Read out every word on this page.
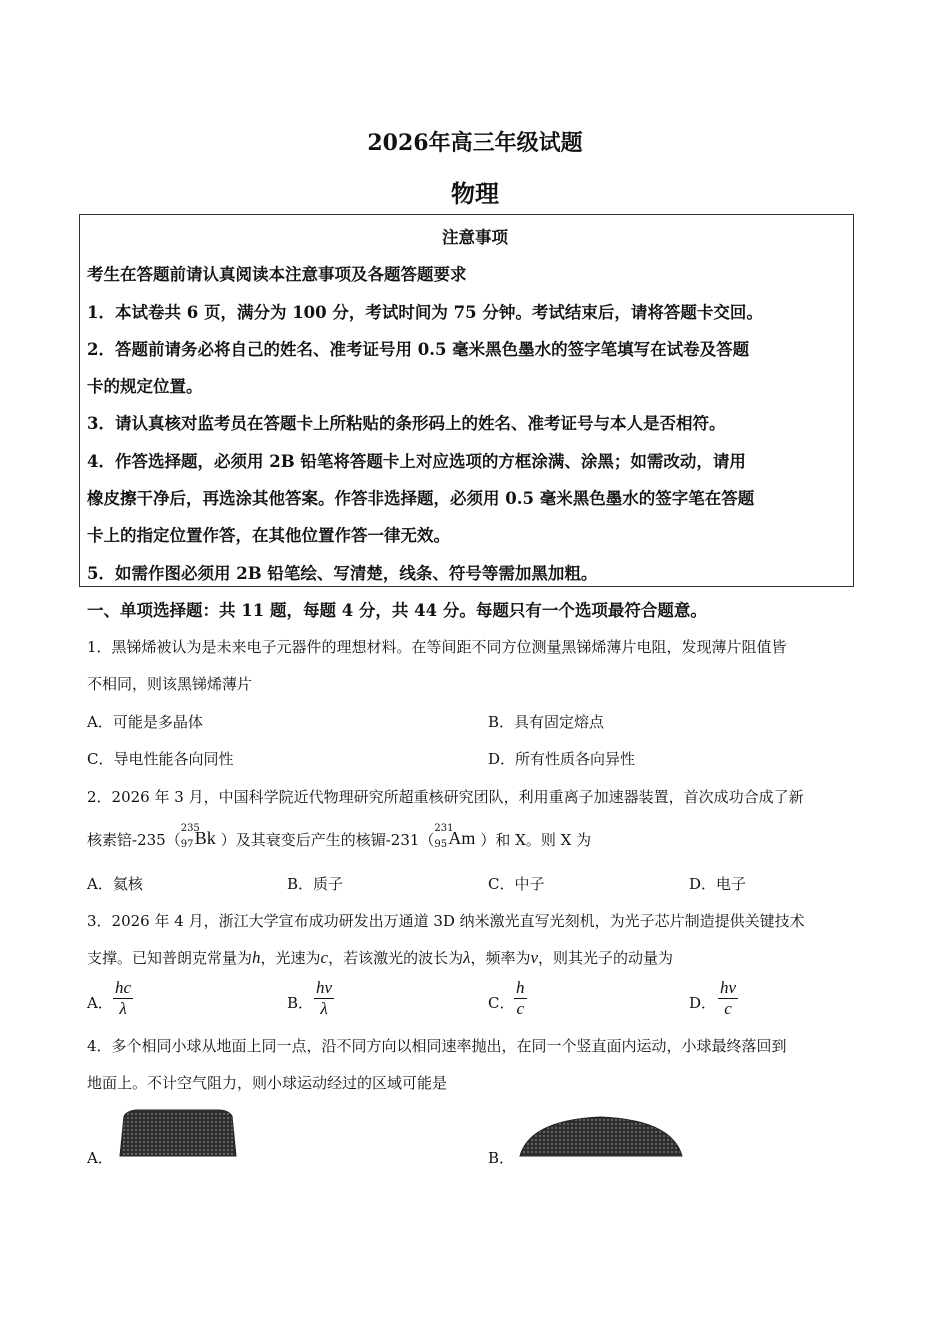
2026年高三年级试题
物理
注意事项
考生在答题前请认真阅读本注意事项及各题答题要求
1．本试卷共 6 页，满分为 100 分，考试时间为 75 分钟。考试结束后，请将答题卡交回。
2．答题前请务必将自己的姓名、准考证号用 0.5 毫米黑色墨水的签字笔填写在试卷及答题
卡的规定位置。
3．请认真核对监考员在答题卡上所粘贴的条形码上的姓名、准考证号与本人是否相符。
4．作答选择题，必须用 2B 铅笔将答题卡上对应选项的方框涂满、涂黑；如需改动，请用
橡皮擦干净后，再选涂其他答案。作答非选择题，必须用 0.5 毫米黑色墨水的签字笔在答题
卡上的指定位置作答，在其他位置作答一律无效。
5．如需作图必须用 2B 铅笔绘、写清楚，线条、符号等需加黑加粗。
一、单项选择题：共 11 题，每题 4 分，共 44 分。每题只有一个选项最符合题意。
1．黑锑烯被认为是未来电子元器件的理想材料。在等间距不同方位测量黑锑烯薄片电阻，发现薄片阻值皆
不相同，则该黑锑烯薄片
A．可能是多晶体	B．具有固定熔点
C．导电性能各向同性	D．所有性质各向异性
2．2026 年 3 月，中国科学院近代物理研究所超重核研究团队，利用重离子加速器装置，首次成功合成了新
核素锫-235（
235
97 Bk ）及其衰变后产生的核镅-231（
231
95 Am ）和 X。则 X 为
A．氦核	B．质子	C．中子	D．电子
3．2026 年 4 月，浙江大学宣布成功研发出万通道 3D 纳米激光直写光刻机，为光子芯片制造提供关键技术
支撑。已知普朗克常量为h，光速为c，若该激光的波长为λ，频率为ν，则其光子的动量为
A． $\frac{hc}{\lambda}$	B． $\frac{h\nu}{\lambda}$	C． $\frac{h}{c}$	D． $\frac{h\nu}{c}$
4．多个相同小球从地面上同一点，沿不同方向以相同速率抛出，在同一个竖直面内运动，小球最终落回到
地面上。不计空气阻力，则小球运动经过的区域可能是
A．	B．
